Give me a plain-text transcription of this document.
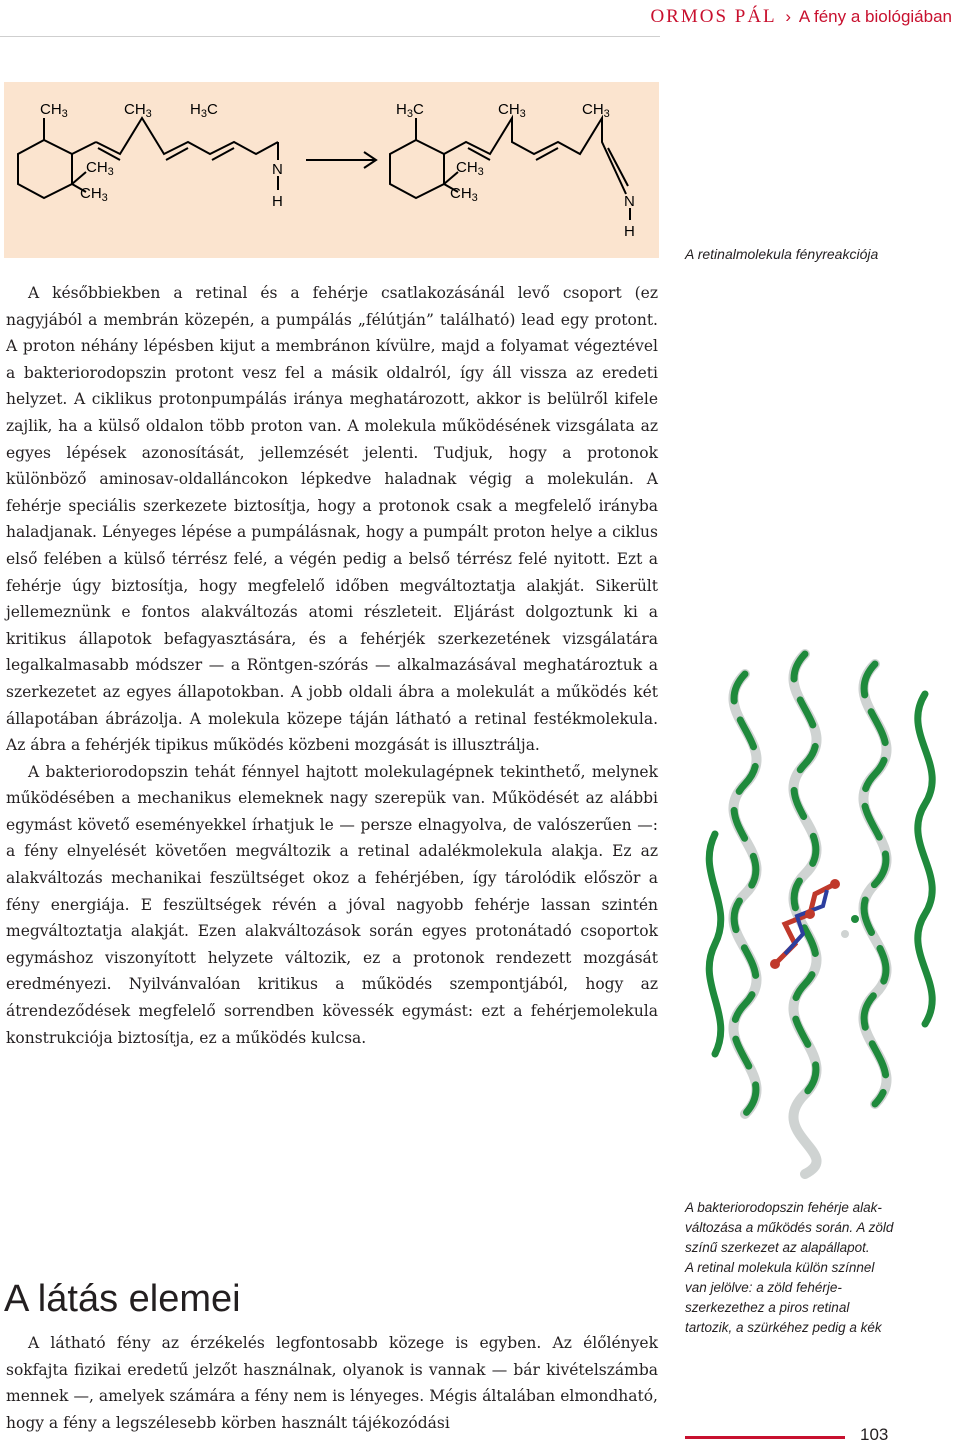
ORMOS PÁL › A fény a biológiában
$CH_3$	$CH_3$	$H_3C$
$CH_3$
$CH_3$
N
H
$H_3C$	$CH_3$	$CH_3$
$CH_3$
$CH_3$	N
H
A retinalmolekula fényreakciója

A későbbiekben a retinal és a fehérje csatlakozásánál levő csoport (ez nagyjából a membrán közepén, a pumpálás „félútján” található) lead egy protont. A proton néhány lépésben kijut a membránon kívülre, majd a folyamat végeztével a bakteriorodopszin protont vesz fel a másik oldalról, így áll vissza az eredeti helyzet. A ciklikus protonpumpálás iránya meghatározott, akkor is belülről kifele zajlik, ha a külső oldalon több proton van. A molekula működésének vizsgálata az egyes lépések azonosítását, jellemzését jelenti. Tudjuk, hogy a protonok különböző aminosav-oldalláncokon lépkedve haladnak végig a molekulán. A fehérje speciális szerkezete biztosítja, hogy a protonok csak a megfelelő irányba haladjanak. Lényeges lépése a pumpálásnak, hogy a pumpált proton helye a ciklus első felében a külső térrész felé, a végén pedig a belső térrész felé nyitott. Ezt a fehérje úgy biztosítja, hogy megfelelő időben megváltoztatja alakját. Sikerült jellemeznünk e fontos alakváltozás atomi részleteit. Eljárást dolgoztunk ki a kritikus állapotok befagyasztására, és a fehérjék szerkezetének vizsgálatára legalkalmasabb módszer — a Röntgen-szórás — alkalmazásával meghatároztuk a szerkezetet az egyes állapotokban. A jobb oldali ábra a molekulát a működés két állapotában ábrázolja. A molekula közepe táján látható a retinal festékmolekula. Az ábra a fehérjék tipikus működés közbeni mozgását is illusztrálja.

A bakteriorodopszin tehát fénnyel hajtott molekulagépnek tekinthető, melynek működésében a mechanikus elemeknek nagy szerepük van. Működését az alábbi egymást követő eseményekkel írhatjuk le — persze elnagyolva, de valószerűen —: a fény elnyelését követően megváltozik a retinal adalékmolekula alakja. Ez az alakváltozás mechanikai feszültséget okoz a fehérjében, így tárolódik először a fény energiája. E feszültségek révén a jóval nagyobb fehérje lassan szintén megváltoztatja alakját. Ezen alakváltozások során egyes protonátadó csoportok egymáshoz viszonyított helyzete változik, ez a protonok rendezett mozgását eredményezi. Nyilvánvalóan kritikus a működés szempontjából, hogy az átrendeződések megfelelő sorrendben kövessék egymást: ezt a fehérjemolekula konstrukciója biztosítja, ez a működés kulcsa.

A bakteriorodopszin fehérje alak-
változása a működés során. A zöld
színű szerkezet az alapállapot.
A retinal molekula külön színnel
van jelölve: a zöld fehérje-
szerkezethez a piros retinal
tartozik, a szürkéhez pedig a kék
A látás elemei

A látható fény az érzékelés legfontosabb közege is egyben. Az élőlények sokfajta fizikai eredetű jelzőt használnak, olyanok is vannak — bár kivételszámba mennek —, amelyek számára a fény nem is lényeges. Mégis általában elmondható, hogy a fény a legszélesebb körben használt tájékozódási

103
